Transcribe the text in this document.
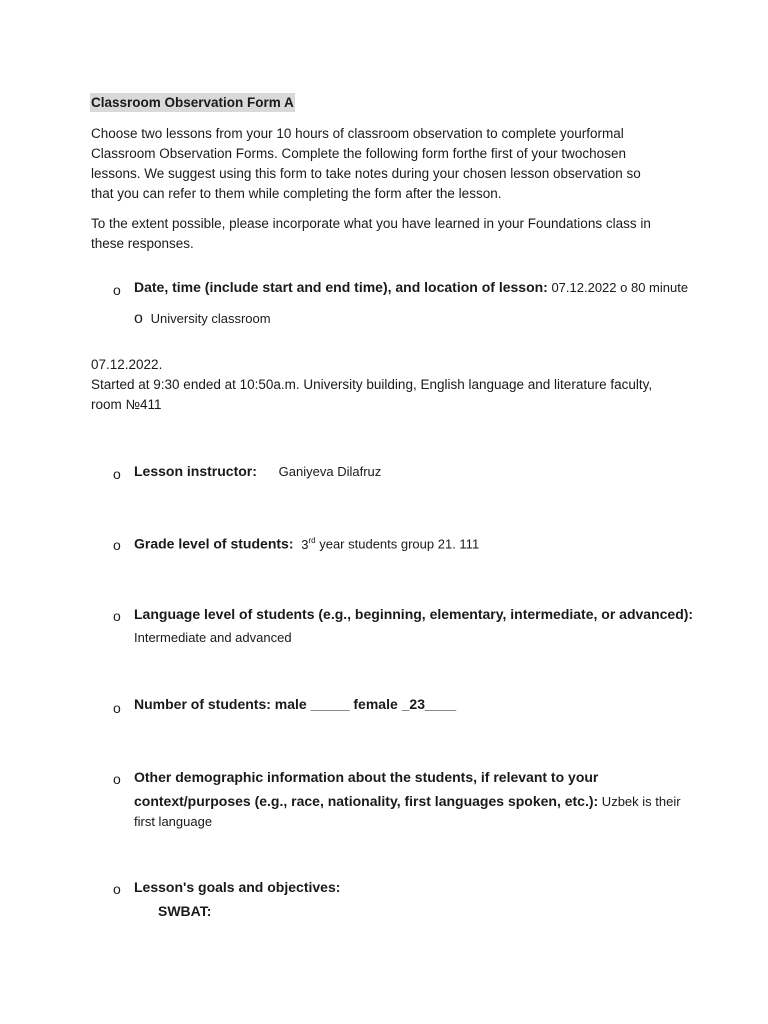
Classroom Observation Form A
Choose two lessons from your 10 hours of classroom observation to complete yourformal
Classroom Observation Forms. Complete the following form forthe first of your twochosen
lessons. We suggest using this form to take notes during your chosen lesson observation so
that you can refer to them while completing the form after the lesson.
To the extent possible, please incorporate what you have learned in your Foundations class in
these responses.
o Date, time (include start and end time), and location of lesson: 07.12.2022 o 80 minute
o University classroom
07.12.2022.
Started at 9:30 ended at 10:50a.m. University building, English language and literature faculty,
room №411
o Lesson instructor: Ganiyeva Dilafruz
o Grade level of students: 3rd year students group 21. 111
o Language level of students (e.g., beginning, elementary, intermediate, or advanced):
Intermediate and advanced
o Number of students: male _____ female _23____
o Other demographic information about the students, if relevant to your
context/purposes (e.g., race, nationality, first languages spoken, etc.): Uzbek is their
first language
o Lesson's goals and objectives:
SWBAT:
